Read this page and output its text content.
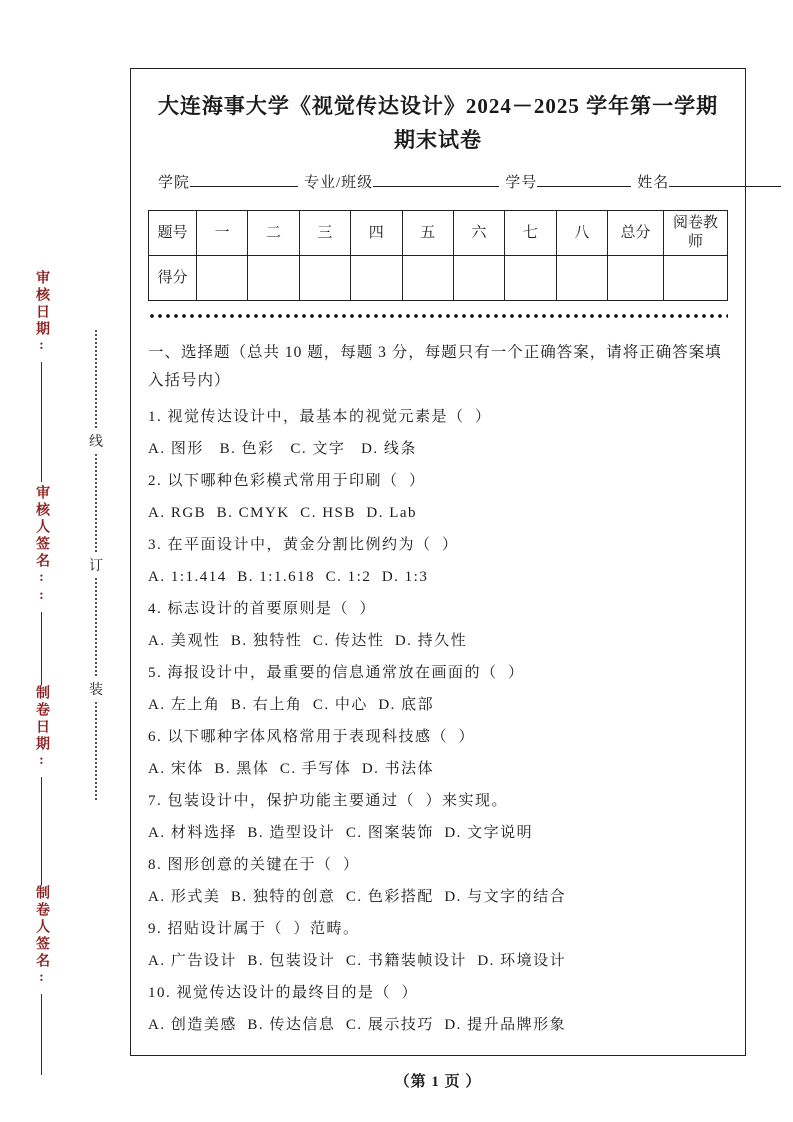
审核日期:
审核人签名::
制卷日期:
制卷人签名:
线
订
装
大连海事大学《视觉传达设计》2024－2025 学年第一学期期末试卷
学院	专业/班级	学号	姓名
题号	一	二	三	四	五	六	七	八	总分	阅卷教师
得分										
一、选择题（总共 10 题，每题 3 分，每题只有一个正确答案，请将正确答案填入括号内）

1. 视觉传达设计中，最基本的视觉元素是（  ）

A. 图形   B. 色彩   C. 文字   D. 线条

2. 以下哪种色彩模式常用于印刷（  ）

A. RGB  B. CMYK  C. HSB  D. Lab

3. 在平面设计中，黄金分割比例约为（  ）

A. 1:1.414  B. 1:1.618  C. 1:2  D. 1:3

4. 标志设计的首要原则是（  ）

A. 美观性  B. 独特性  C. 传达性  D. 持久性

5. 海报设计中，最重要的信息通常放在画面的（  ）

A. 左上角  B. 右上角  C. 中心  D. 底部

6. 以下哪种字体风格常用于表现科技感（  ）

A. 宋体  B. 黑体  C. 手写体  D. 书法体

7. 包装设计中，保护功能主要通过（  ）来实现。

A. 材料选择  B. 造型设计  C. 图案装饰  D. 文字说明

8. 图形创意的关键在于（  ）

A. 形式美  B. 独特的创意  C. 色彩搭配  D. 与文字的结合

9. 招贴设计属于（  ）范畴。

A. 广告设计  B. 包装设计  C. 书籍装帧设计  D. 环境设计

10. 视觉传达设计的最终目的是（  ）

A. 创造美感  B. 传达信息  C. 展示技巧  D. 提升品牌形象

（第 1 页 ）
